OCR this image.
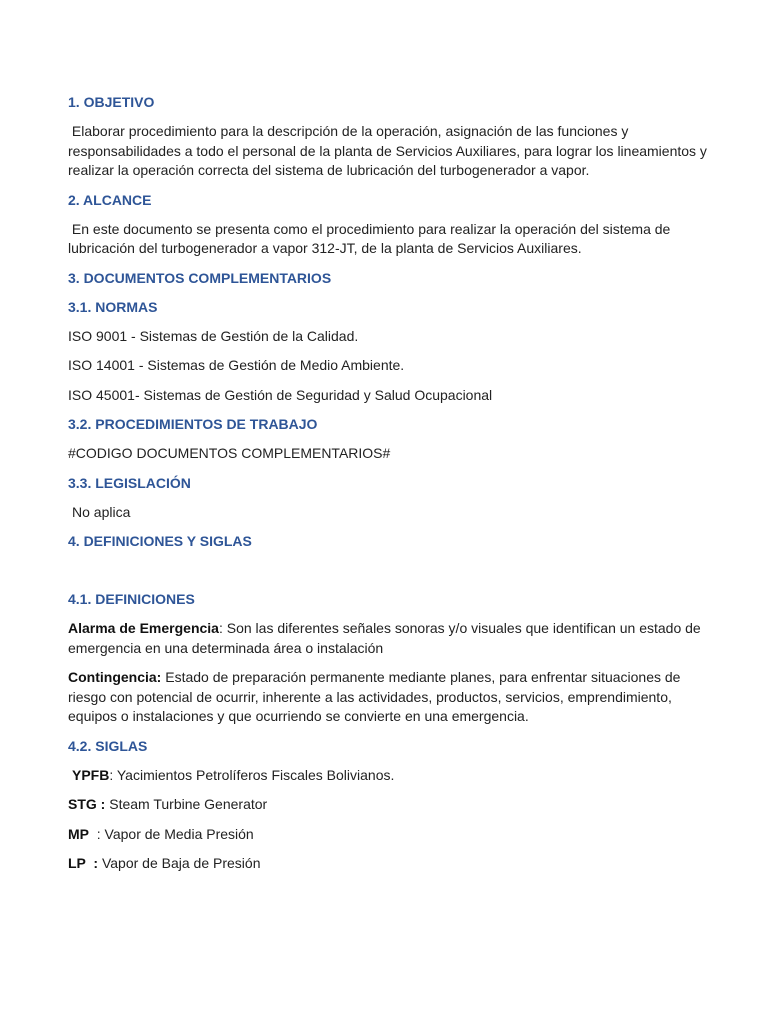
1. OBJETIVO

Elaborar procedimiento para la descripción de la operación, asignación de las funciones y responsabilidades a todo el personal de la planta de Servicios Auxiliares, para lograr los lineamientos y realizar la operación correcta del sistema de lubricación del turbogenerador a vapor.

2. ALCANCE

En este documento se presenta como el procedimiento para realizar la operación del sistema de lubricación del turbogenerador a vapor 312-JT, de la planta de Servicios Auxiliares.

3. DOCUMENTOS COMPLEMENTARIOS

3.1. NORMAS

ISO 9001 - Sistemas de Gestión de la Calidad.

ISO 14001 - Sistemas de Gestión de Medio Ambiente.

ISO 45001- Sistemas de Gestión de Seguridad y Salud Ocupacional

3.2. PROCEDIMIENTOS DE TRABAJO

#CODIGO DOCUMENTOS COMPLEMENTARIOS#

3.3. LEGISLACIÓN

No aplica

4. DEFINICIONES Y SIGLAS

4.1. DEFINICIONES

Alarma de Emergencia: Son las diferentes señales sonoras y/o visuales que identifican un estado de emergencia en una determinada área o instalación

Contingencia: Estado de preparación permanente mediante planes, para enfrentar situaciones de riesgo con potencial de ocurrir, inherente a las actividades, productos, servicios, emprendimiento, equipos o instalaciones y que ocurriendo se convierte en una emergencia.

4.2. SIGLAS

YPFB: Yacimientos Petrolíferos Fiscales Bolivianos.

STG : Steam Turbine Generator

MP  : Vapor de Media Presión

LP  : Vapor de Baja de Presión
